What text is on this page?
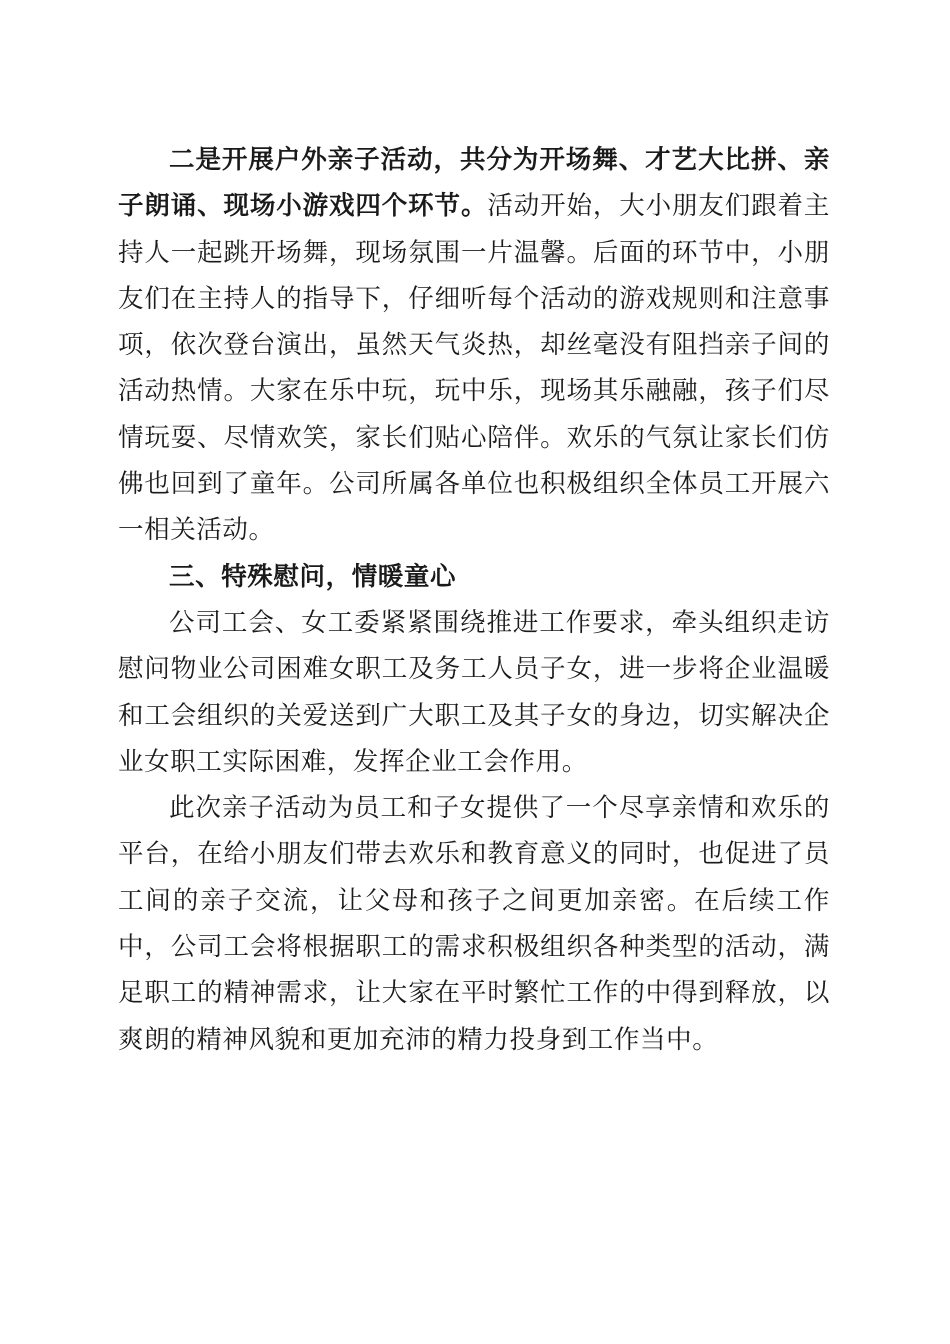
二是开展户外亲子活动，共分为开场舞、才艺大比拼、亲子朗诵、现场小游戏四个环节。活动开始，大小朋友们跟着主持人一起跳开场舞，现场氛围一片温馨。后面的环节中，小朋友们在主持人的指导下，仔细听每个活动的游戏规则和注意事项，依次登台演出，虽然天气炎热，却丝毫没有阻挡亲子间的活动热情。大家在乐中玩，玩中乐，现场其乐融融，孩子们尽情玩耍、尽情欢笑，家长们贴心陪伴。欢乐的气氛让家长们仿佛也回到了童年。公司所属各单位也积极组织全体员工开展六一相关活动。

三、特殊慰问，情暖童心

公司工会、女工委紧紧围绕推进工作要求，牵头组织走访慰问物业公司困难女职工及务工人员子女，进一步将企业温暖和工会组织的关爱送到广大职工及其子女的身边，切实解决企业女职工实际困难，发挥企业工会作用。

此次亲子活动为员工和子女提供了一个尽享亲情和欢乐的平台，在给小朋友们带去欢乐和教育意义的同时，也促进了员工间的亲子交流，让父母和孩子之间更加亲密。在后续工作中，公司工会将根据职工的需求积极组织各种类型的活动，满足职工的精神需求，让大家在平时繁忙工作的中得到释放，以爽朗的精神风貌和更加充沛的精力投身到工作当中。
